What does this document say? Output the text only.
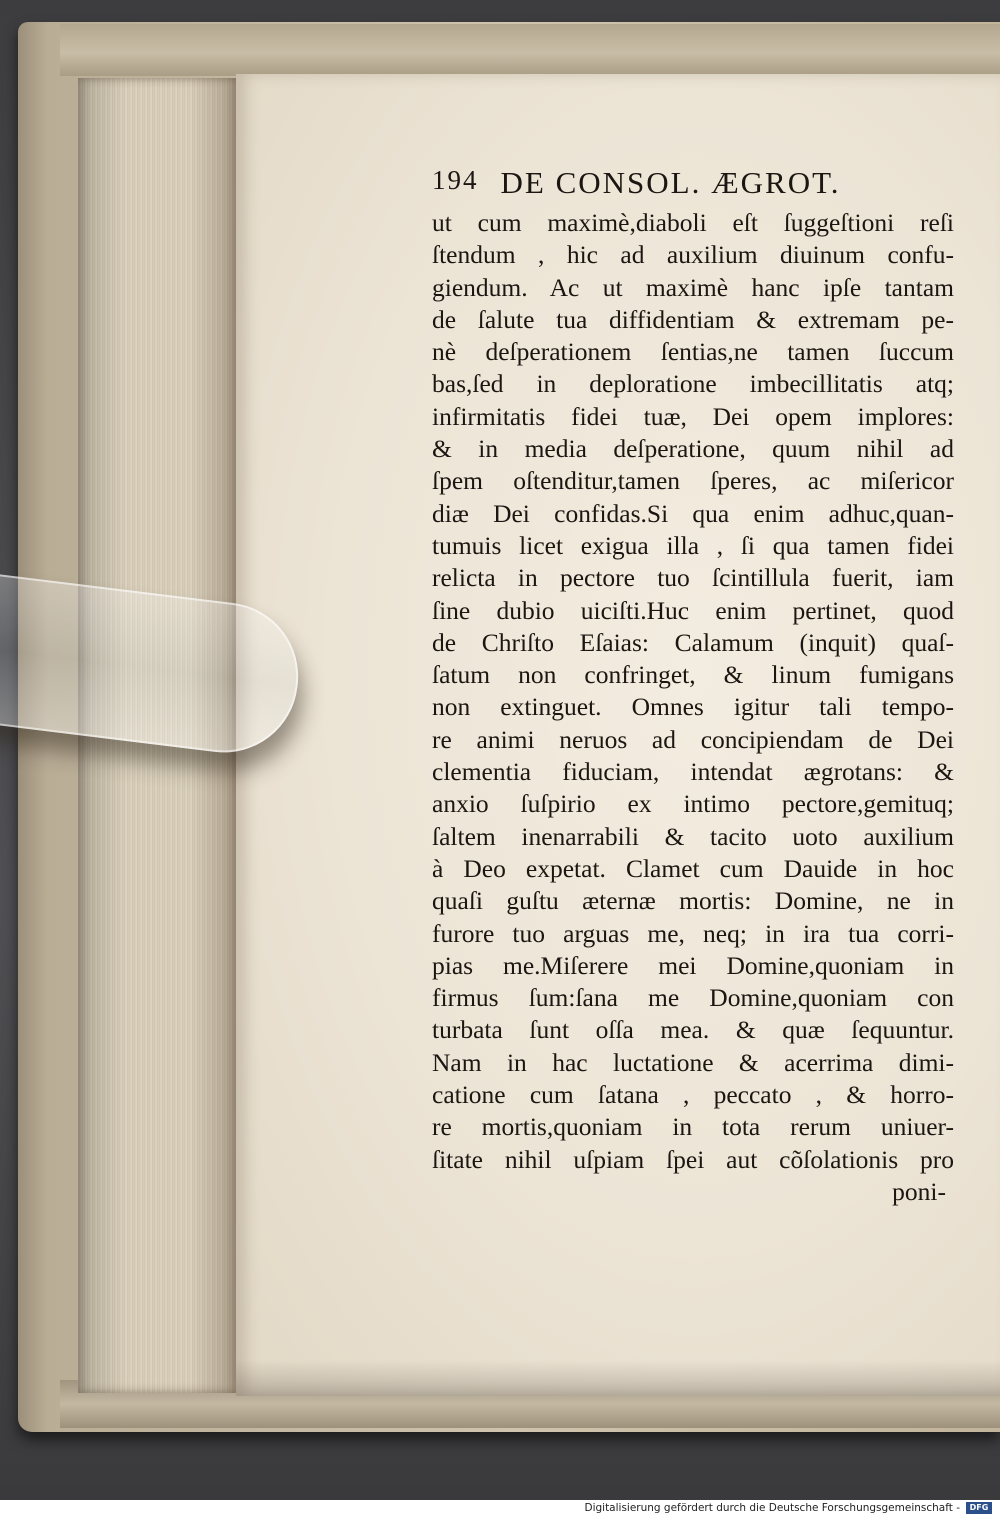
194 DE CONSOL. ÆGROT.
ut cum maximè,diaboli eſt ſuggeſtioni reſi
ſtendum , hic ad auxilium diuinum confu-
giendum. Ac ut maximè hanc ipſe tantam
de ſalute tua diffidentiam & extremam pe-
nè deſperationem ſentias,ne tamen ſuccum
bas,ſed in deploratione imbecillitatis atq;
infirmitatis fidei tuæ, Dei opem implores:
& in media deſperatione, quum nihil ad
ſpem oſtenditur,tamen ſperes, ac miſericor
diæ Dei confidas.Si qua enim adhuc,quan-
tumuis licet exigua illa , ſi qua tamen fidei
relicta in pectore tuo ſcintillula fuerit, iam
ſine dubio uiciſti.Huc enim pertinet, quod
de Chriſto Eſaias: Calamum (inquit) quaſ-
ſatum non confringet, & linum fumigans
non extinguet. Omnes igitur tali tempo-
re animi neruos ad concipiendam de Dei
clementia fiduciam, intendat ægrotans: &
anxio ſuſpirio ex intimo pectore,gemituq;
ſaltem inenarrabili & tacito uoto auxilium
à Deo expetat. Clamet cum Dauide in hoc
quaſi guſtu æternæ mortis: Domine, ne in
furore tuo arguas me, neq; in ira tua corri-
pias me.Miſerere mei Domine,quoniam in
firmus ſum:ſana me Domine,quoniam con
turbata ſunt oſſa mea. & quæ ſequuntur.
Nam in hac luctatione & acerrima dimi-
catione cum ſatana , peccato , & horro-
re mortis,quoniam in tota rerum uniuer-
ſitate nihil uſpiam ſpei aut cõſolationis pro
poni-
Digitalisierung gefördert durch die Deutsche Forschungsgemeinschaft -	DFG
